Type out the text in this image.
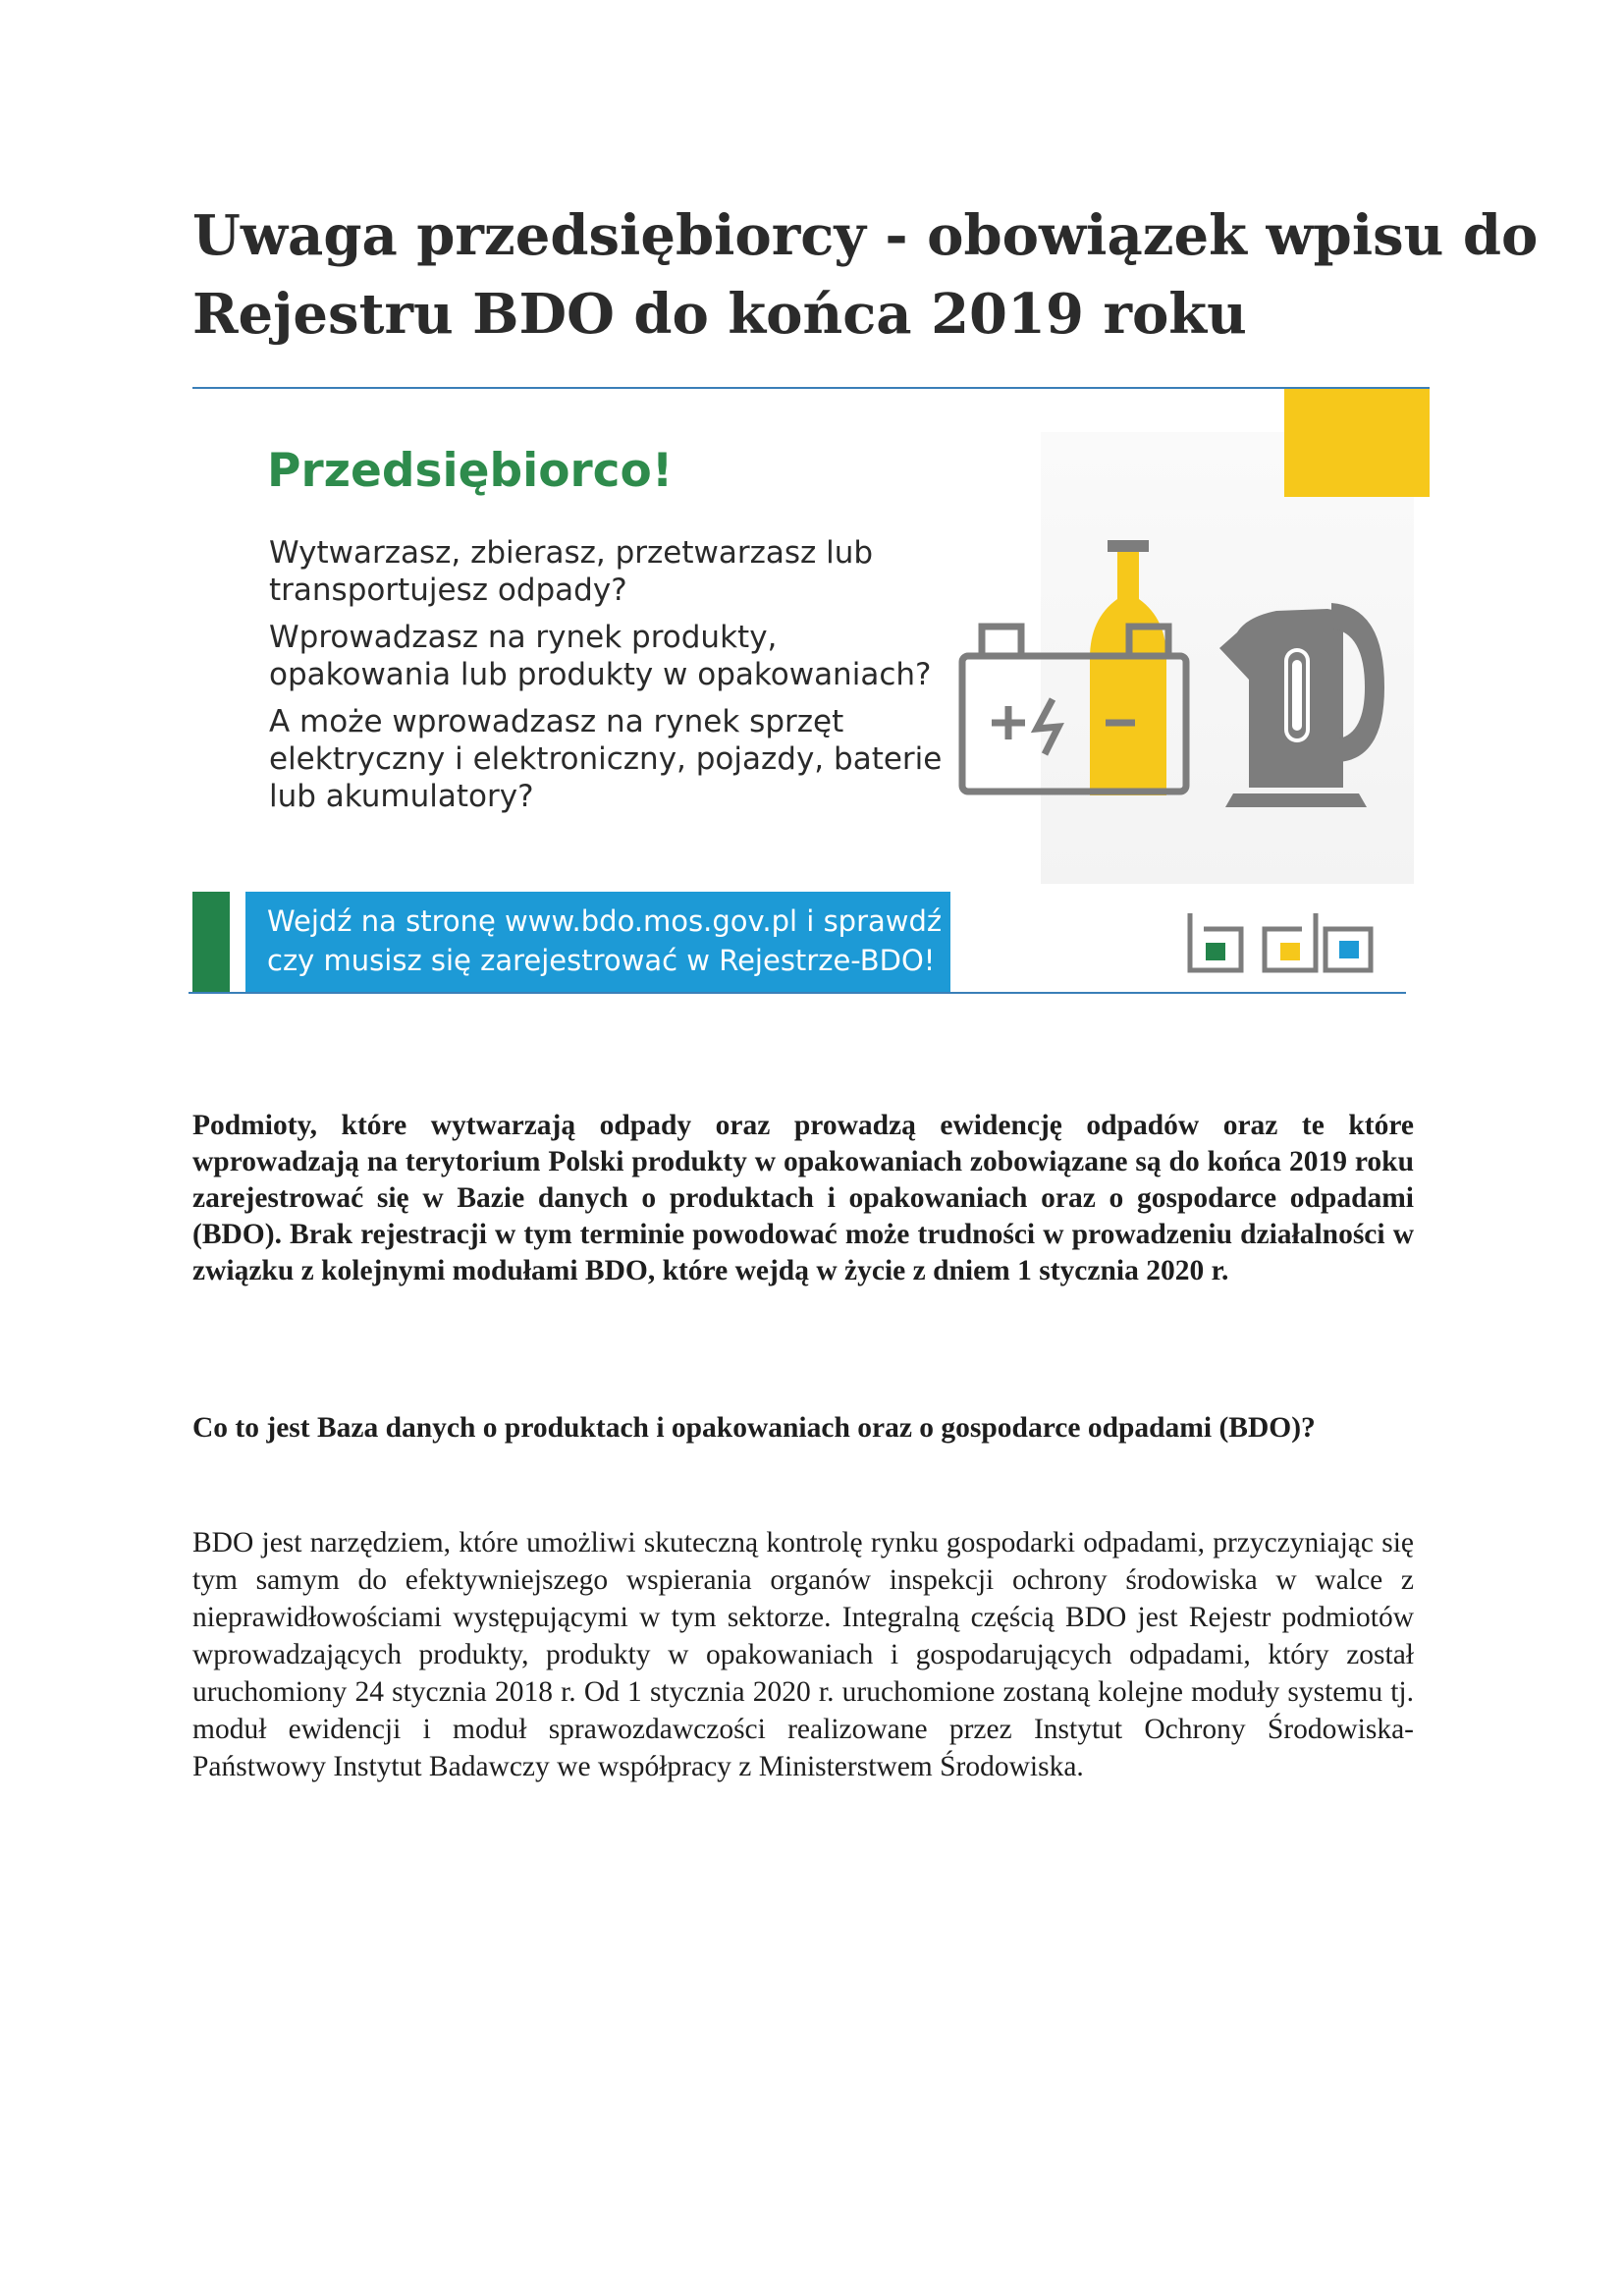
Uwaga przedsiębiorcy - obowiązek wpisu do
Rejestru BDO do końca 2019 roku
Przedsiębiorco!

Wytwarzasz, zbierasz, przetwarzasz lub transportujesz odpady?

Wprowadzasz na rynek produkty, opakowania lub produkty w opakowaniach?

A może wprowadzasz na rynek sprzęt elektryczny i elektroniczny, pojazdy, baterie lub akumulatory?

Wejdź na stronę www.bdo.mos.gov.pl i sprawdź
czy musisz się zarejestrować w Rejestrze-BDO!

Podmioty, które wytwarzają odpady oraz prowadzą ewidencję odpadów oraz te które wprowadzają na terytorium Polski produkty w opakowaniach zobowiązane są do końca 2019 roku zarejestrować się w Bazie danych o produktach i opakowaniach oraz o gospodarce odpadami (BDO). Brak rejestracji w tym terminie powodować może trudności w prowadzeniu działalności w związku z kolejnymi modułami BDO, które wejdą w życie z dniem 1 stycznia 2020 r.

Co to jest Baza danych o produktach i opakowaniach oraz o gospodarce odpadami (BDO)?

BDO jest narzędziem, które umożliwi skuteczną kontrolę rynku gospodarki odpadami, przyczyniając się tym samym do efektywniejszego wspierania organów inspekcji ochrony środowiska w walce z nieprawidłowościami występującymi w tym sektorze. Integralną częścią BDO jest Rejestr podmiotów wprowadzających produkty, produkty w opakowaniach i gospodarujących odpadami, który został uruchomiony 24 stycznia 2018 r. Od 1 stycznia 2020 r. uruchomione zostaną kolejne moduły systemu tj. moduł ewidencji i moduł sprawozdawczości realizowane przez Instytut Ochrony Środowiska-Państwowy Instytut Badawczy we współpracy z Ministerstwem Środowiska.
